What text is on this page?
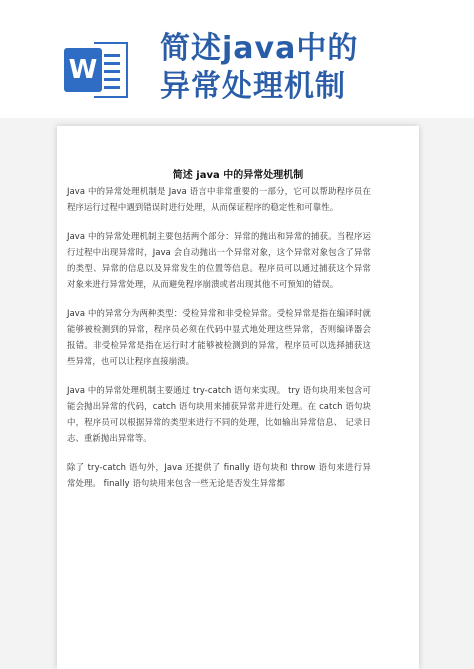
W
简述java中的
异常处理机制
简述 java 中的异常处理机制

Java 中的异常处理机制是 Java 语言中非常重要的一部分，它可以帮助程序员在程序运行过程中遇到错误时进行处理，从而保证程序的稳定性和可靠性。

Java 中的异常处理机制主要包括两个部分：异常的抛出和异常的捕获。当程序运行过程中出现异常时，Java 会自动抛出一个异常对象，这个异常对象包含了异常的类型、异常的信息以及异常发生的位置等信息。程序员可以通过捕获这个异常对象来进行异常处理，从而避免程序崩溃或者出现其他不可预知的错误。

Java 中的异常分为两种类型：受检异常和非受检异常。受检异常是指在编译时就能够被检测到的异常，程序员必须在代码中显式地处理这些异常，否则编译器会报错。非受检异常是指在运行时才能够被检测到的异常，程序员可以选择捕获这些异常，也可以让程序直接崩溃。

Java 中的异常处理机制主要通过 try-catch 语句来实现。 try 语句块用来包含可能会抛出异常的代码，catch 语句块用来捕获异常并进行处理。在 catch 语句块中，程序员可以根据异常的类型来进行不同的处理，比如输出异常信息、 记录日志、重新抛出异常等。

除了 try-catch 语句外，Java 还提供了 finally 语句块和 throw 语句来进行异常处理。 finally 语句块用来包含一些无论是否发生异常都
